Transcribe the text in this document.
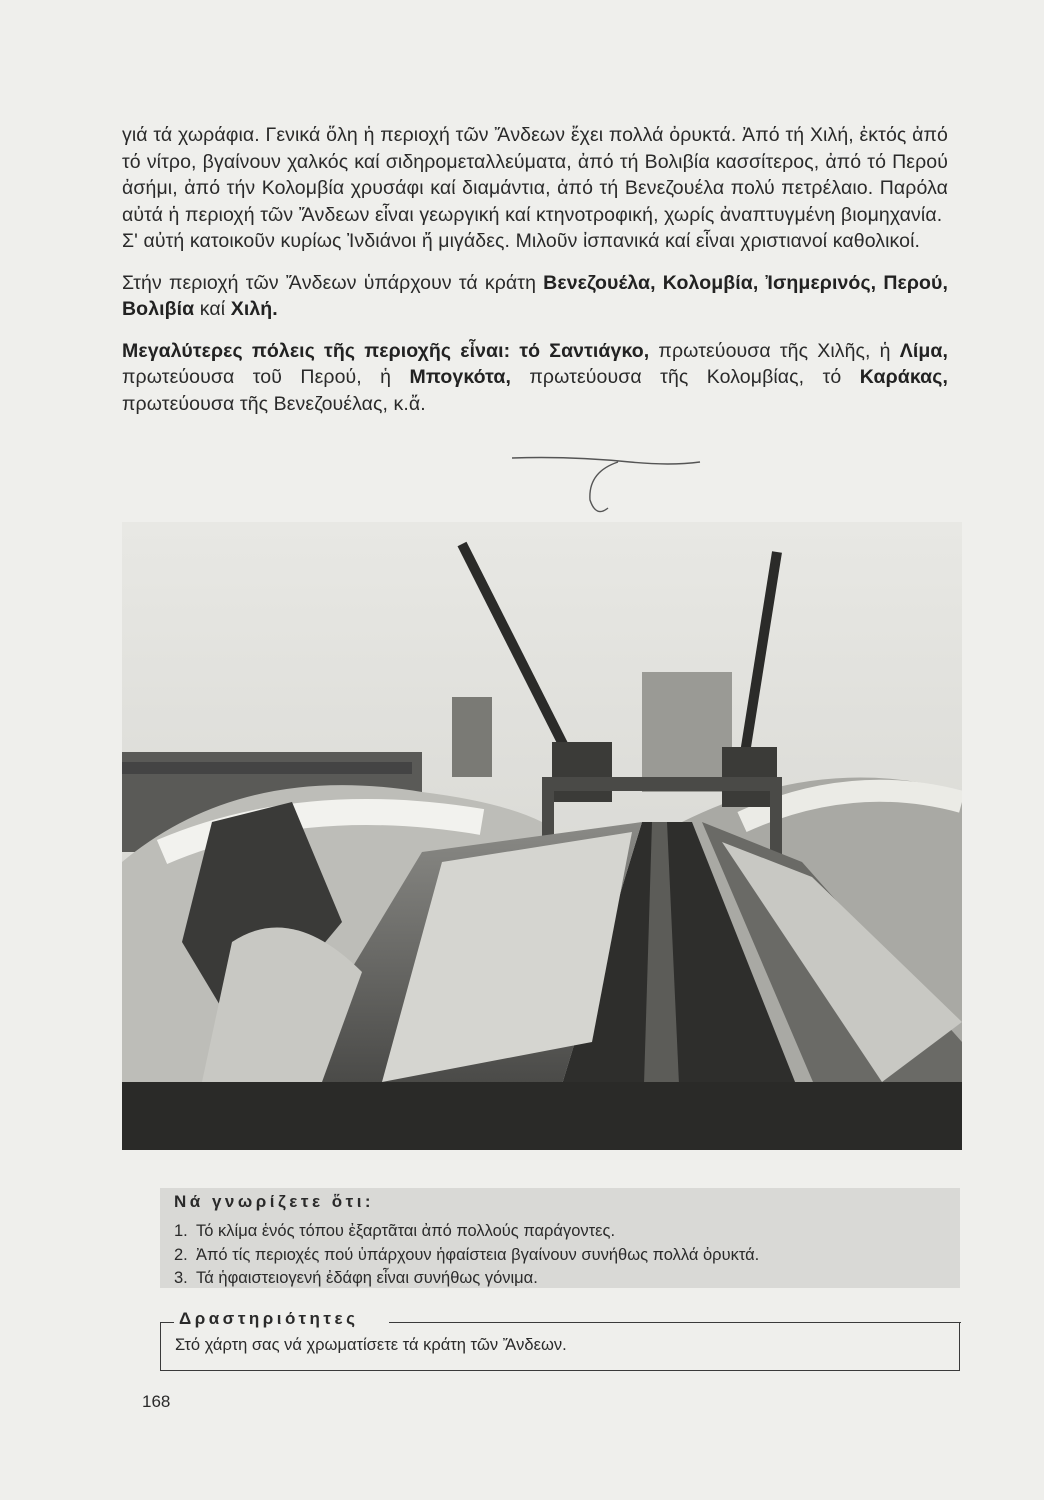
γιά τά χωράφια. Γενικά ὅλη ἡ περιοχή τῶν Ἄνδεων ἔχει πολλά ὀρυκτά. Ἀπό τή Χιλή, ἐκτός ἀπό τό νίτρο, βγαίνουν χαλκός καί σιδηρομεταλλεύματα, ἀπό τή Βολιβία κασσίτερος, ἀπό τό Περού ἀσήμι, ἀπό τήν Κολομβία χρυσάφι καί διαμάντια, ἀπό τή Βενεζουέλα πολύ πετρέλαιο. Παρόλα αὐτά ἡ περιοχή τῶν Ἄνδεων εἶναι γεωργική καί κτηνοτροφική, χωρίς ἀναπτυγμένη βιομηχανία.

Σ' αὐτή κατοικοῦν κυρίως Ἰνδιάνοι ἤ μιγάδες. Μιλοῦν ἰσπανικά καί εἶναι χριστιανοί καθολικοί.

Στήν περιοχή τῶν Ἄνδεων ὑπάρχουν τά κράτη Βενεζουέλα, Κολομβία, Ἰσημερινός, Περού, Βολιβία καί Χιλή.

Μεγαλύτερες πόλεις τῆς περιοχῆς εἶναι: τό Σαντιάγκο, πρωτεύουσα τῆς Χιλῆς, ἡ Λίμα, πρωτεύουσα τοῦ Περού, ἡ Μπογκότα, πρωτεύουσα τῆς Κολομβίας, τό Καράκας, πρωτεύουσα τῆς Βενεζουέλας, κ.ἄ.

Νά γνωρίζετε ὅτι:
1. Τό κλίμα ἑνός τόπου ἐξαρτᾶται ἀπό πολλούς παράγοντες.
2. Ἀπό τίς περιοχές πού ὑπάρχουν ἡφαίστεια βγαίνουν συνήθως πολλά ὀρυκτά.
3. Τά ἡφαιστειογενή ἐδάφη εἶναι συνήθως γόνιμα.
Δραστηριότητες
Στό χάρτη σας νά χρωματίσετε τά κράτη τῶν Ἄνδεων.
168
